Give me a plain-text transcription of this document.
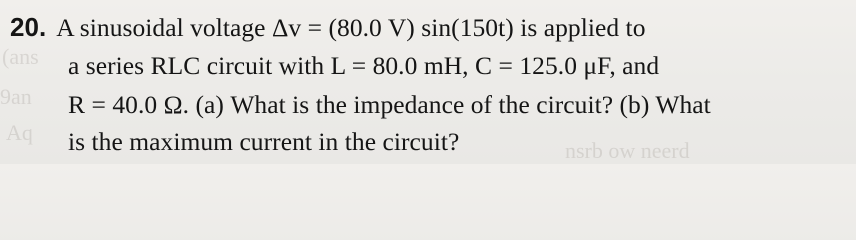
(ans
9an
Aq
nsrb ow neerd
20. A sinusoidal voltage Δv = (80.0 V) sin(150t) is applied to
a series RLC circuit with L = 80.0 mH, C = 125.0 μF, and
R = 40.0 Ω. (a) What is the impedance of the circuit? (b) What
is the maximum current in the circuit?
